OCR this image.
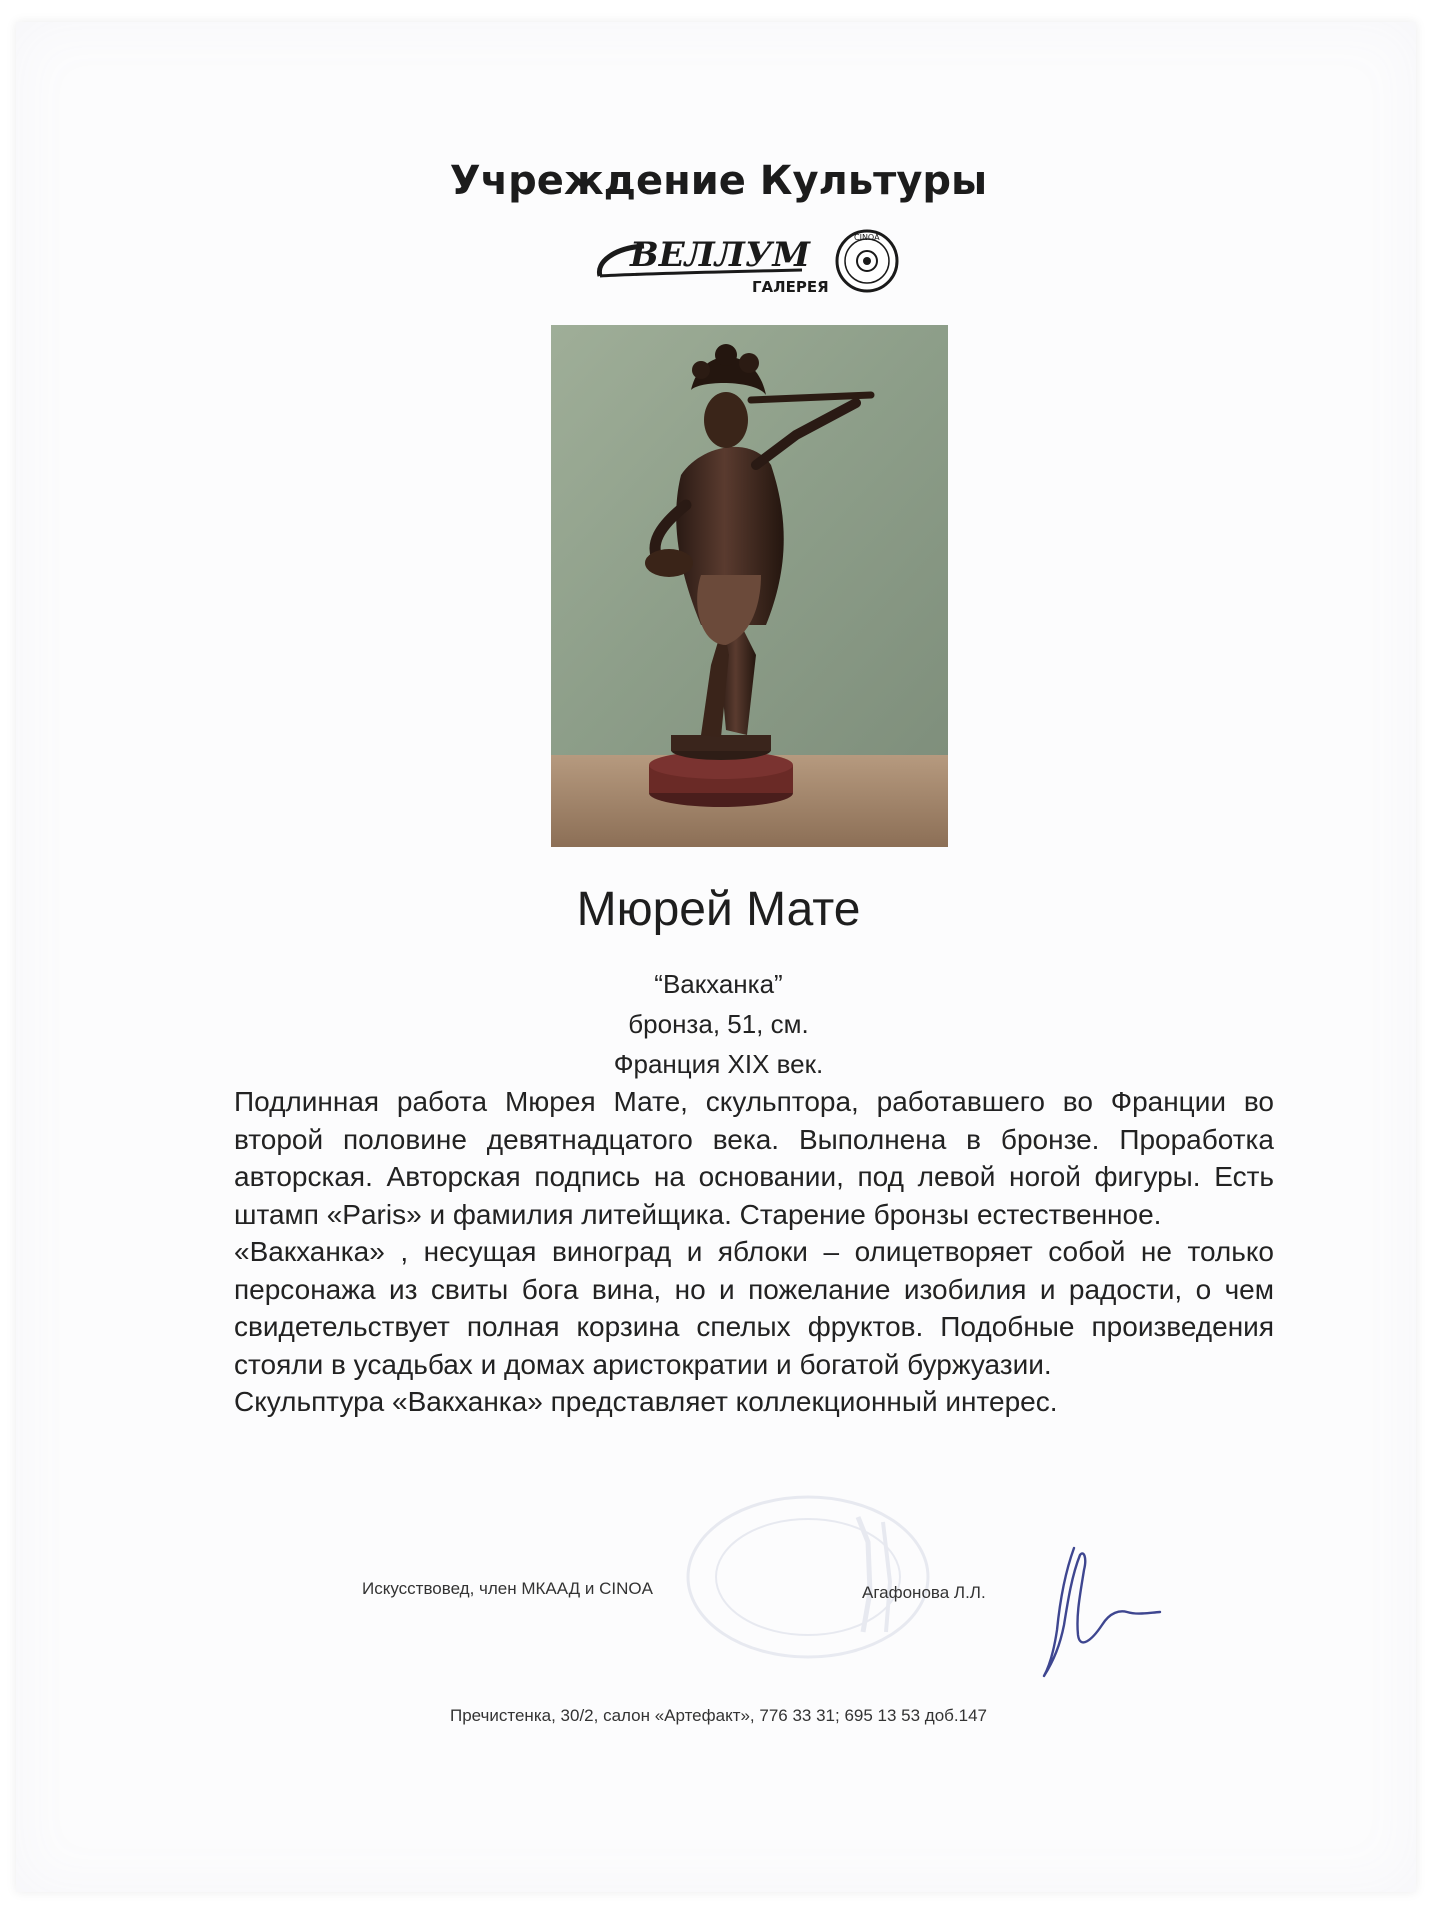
Учреждение Культуры
ВЕЛЛУМ
ГАЛЕРЕЯ
CINOA
Мюрей Мате
“Вакханка”
бронза, 51, см.
Франция XIX век.

Подлинная работа Мюрея Мате, скульптора, работавшего во Франции во второй половине девятнадцатого века. Выполнена в бронзе. Проработка авторская. Авторская подпись на основании, под левой ногой фигуры. Есть штамп «Paris» и фамилия литейщика. Старение бронзы естественное.

«Вакханка» , несущая виноград и яблоки – олицетворяет собой не только персонажа из свиты бога вина, но и пожелание изобилия и радости, о чем свидетельствует полная корзина спелых фруктов. Подобные произведения стояли в усадьбах и домах аристократии и богатой буржуазии.

Скульптура «Вакханка» представляет коллекционный интерес.

Искусствовед, член МКААД и CINOA	Агафонова Л.Л.
Пречистенка, 30/2, салон «Артефакт», 776 33 31; 695 13 53 доб.147
